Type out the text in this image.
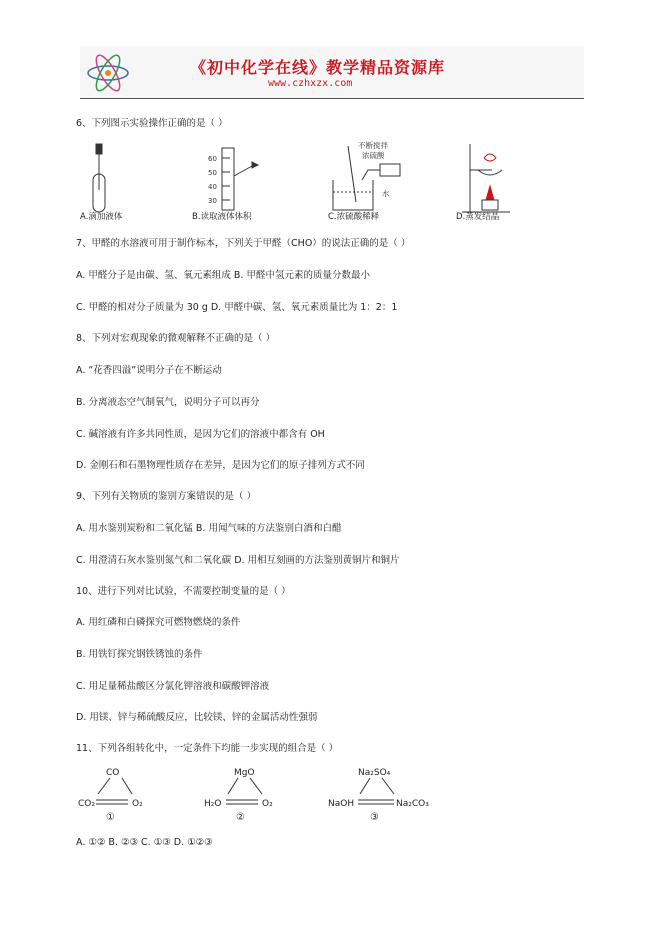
《初中化学在线》教学精品资源库
www.czhxzx.com
6、下列图示实验操作正确的是（ ）
60
50
40
30
不断搅拌
浓硫酸
水
A.滴加液体	B.读取液体体积	C.浓硫酸稀释	D.蒸发结晶
7、甲醛的水溶液可用于制作标本，下列关于甲醛（CHO）的说法正确的是（ ）
A. 甲醛分子是由碳、氢、氧元素组成 B. 甲醛中氢元素的质量分数最小
C. 甲醛的相对分子质量为 30 g D. 甲醛中碳、氢、氧元素质量比为 1：2：1
8、下列对宏观现象的微观解释不正确的是（ ）
A. “花香四溢”说明分子在不断运动
B. 分离液态空气制氧气，说明分子可以再分
C. 碱溶液有许多共同性质，是因为它们的溶液中都含有 OH
D. 金刚石和石墨物理性质存在差异，是因为它们的原子排列方式不同
9、下列有关物质的鉴别方案错误的是（ ）
A. 用水鉴别炭粉和二氧化锰 B. 用闻气味的方法鉴别白酒和白醋
C. 用澄清石灰水鉴别氮气和二氧化碳 D. 用相互刻画的方法鉴别黄铜片和铜片
10、进行下列对比试验，不需要控制变量的是（ ）
A. 用红磷和白磷探究可燃物燃烧的条件
B. 用铁钉探究钢铁锈蚀的条件
C. 用足量稀盐酸区分氯化钾溶液和碳酸钾溶液
D. 用镁、锌与稀硫酸反应，比较镁、锌的金属活动性强弱
11、下列各组转化中，一定条件下均能一步实现的组合是（ ）
CO
CO₂	O₂
①
MgO
H₂O	O₂
②
Na₂SO₄
NaOH	Na₂CO₃
③
A. ①② B. ②③ C. ①③ D. ①②③
